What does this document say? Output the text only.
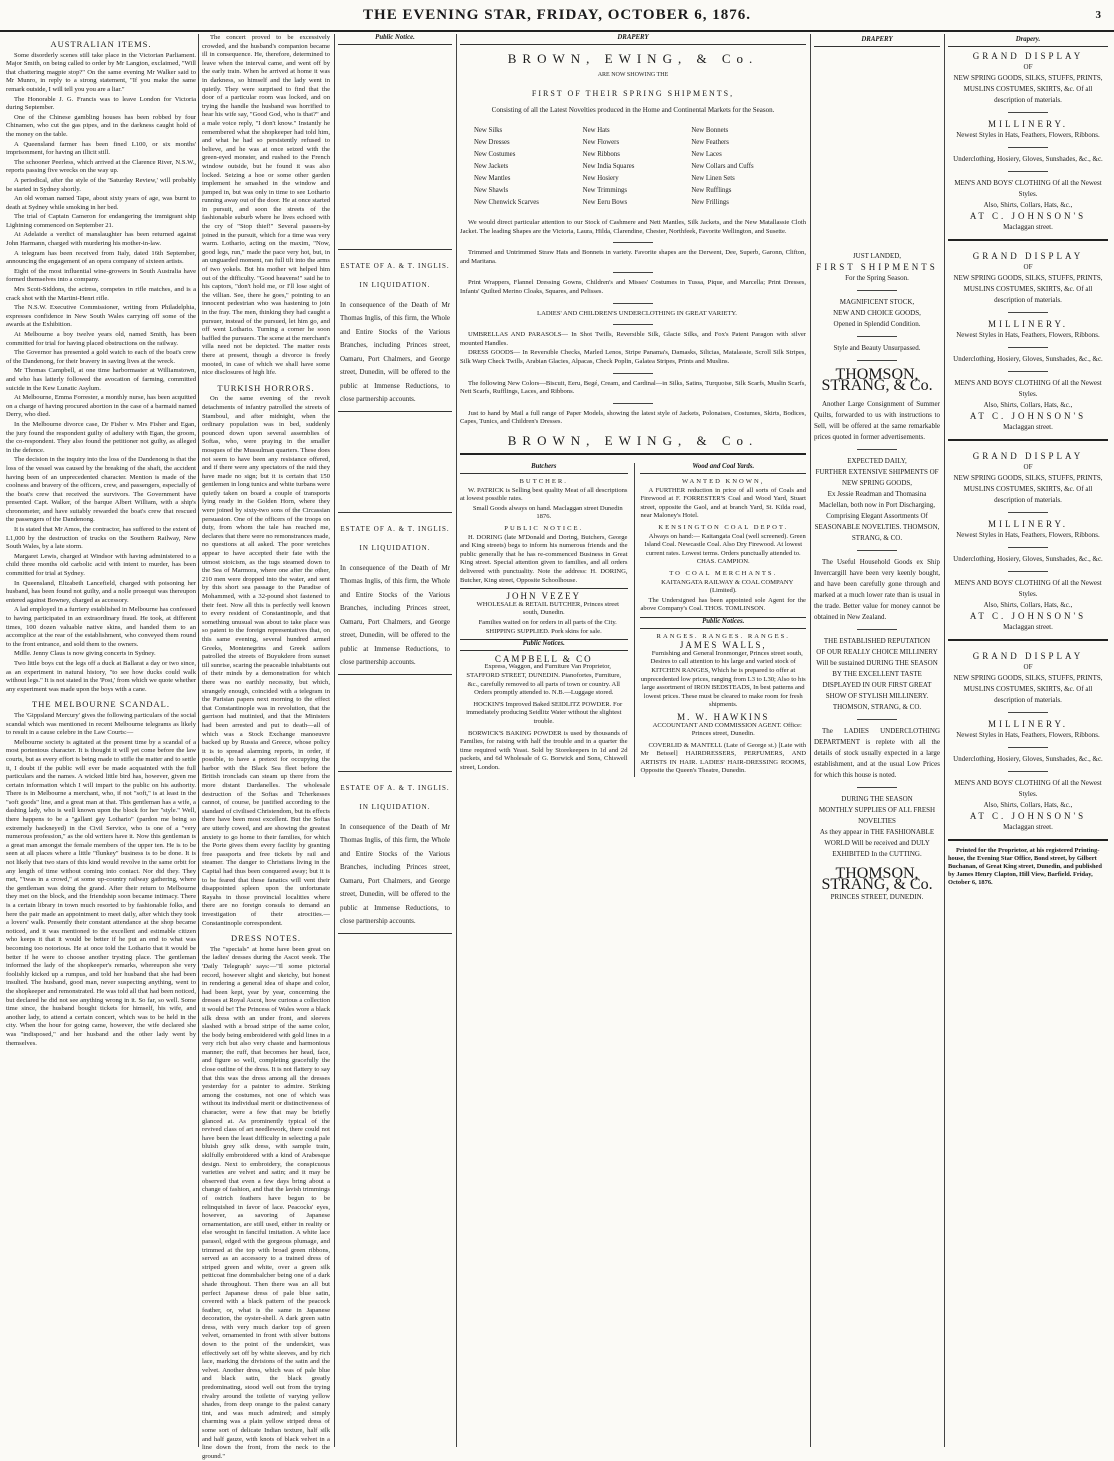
THE EVENING STAR, FRIDAY, OCTOBER 6, 1876.	3
AUSTRALIAN ITEMS.

Some disorderly scenes still take place in the Victorian Parliament. Major Smith, on being called to order by Mr Langton, exclaimed, "Will that chattering magpie stop?" On the same evening Mr Walker said to Mr Munro, in reply to a strong statement, "If you make the same remark outside, I will tell you you are a liar."

The Honorable J. G. Francis was to leave London for Victoria during September.

One of the Chinese gambling houses has been robbed by four Chinamen, who cut the gas pipes, and in the darkness caught hold of the money on the table.

A Queensland farmer has been fined L100, or six months' imprisonment, for having an illicit still.

The schooner Peerless, which arrived at the Clarence River, N.S.W., reports passing five wrecks on the way up.

A periodical, after the style of the 'Saturday Review,' will probably be started in Sydney shortly.

An old woman named Tape, about sixty years of age, was burnt to death at Sydney while smoking in her bed.

The trial of Captain Cameron for endangering the immigrant ship Lightning commenced on September 21.

At Adelaide a verdict of manslaughter has been returned against John Harmann, charged with murdering his mother-in-law.

A telegram has been received from Italy, dated 16th September, announcing the engagement of an opera company of sixteen artists.

Eight of the most influential wine-growers in South Australia have formed themselves into a company.

Mrs Scott-Siddons, the actress, competes in rifle matches, and is a crack shot with the Martini-Henri rifle.

The N.S.W. Executive Commissioner, writing from Philadelphia, expresses confidence in New South Wales carrying off some of the awards at the Exhibition.

At Melbourne a boy twelve years old, named Smith, has been committed for trial for having placed obstructions on the railway.

The Governor has presented a gold watch to each of the boat's crew of the Dandenong, for their bravery in saving lives at the wreck.

Mr Thomas Campbell, at one time harbormaster at Williamstown, and who has latterly followed the avocation of farming, committed suicide in the Kew Lunatic Asylum.

At Melbourne, Emma Forrester, a monthly nurse, has been acquitted on a charge of having procured abortion in the case of a barmaid named Derry, who died.

In the Melbourne divorce case, Dr Fisher v. Mrs Fisher and Egan, the jury found the respondent guilty of adultery with Egan, the groom, the co-respondent. They also found the petitioner not guilty, as alleged in the defence.

The decision in the inquiry into the loss of the Dandenong is that the loss of the vessel was caused by the breaking of the shaft, the accident having been of an unprecedented character. Mention is made of the coolness and bravery of the officers, crew, and passengers, especially of the boat's crew that received the survivors. The Government have presented Capt. Walker, of the barque Albert William, with a ship's chronometer, and have suitably rewarded the boat's crew that rescued the passengers of the Dandenong.

It is stated that Mr Amos, the contractor, has suffered to the extent of L1,000 by the destruction of trucks on the Southern Railway, New South Wales, by a late storm.

Margaret Lewis, charged at Windsor with having administered to a child three months old carbolic acid with intent to murder, has been committed for trial at Sydney.

In Queensland, Elizabeth Lancefield, charged with poisoning her husband, has been found not guilty, and a nolle prosequi was thereupon entered against Bowney, charged as accessory.

A lad employed in a furriery established in Melbourne has confessed to having participated in an extraordinary fraud. He took, at different times, 100 dozen valuable native skins, and handed them to an accomplice at the rear of the establishment, who conveyed them round to the front entrance, and sold them to the owners.

Mdlle. Jenny Claus is now giving concerts in Sydney.

Two little boys cut the legs off a duck at Ballarat a day or two since, as an experiment in natural history, "to see how ducks could walk without legs." It is not stated in the 'Post,' from which we quote whether any experiment was made upon the boys with a cane.

THE MELBOURNE SCANDAL.

The 'Gippsland Mercury' gives the following particulars of the social scandal which was mentioned in recent Melbourne telegrams as likely to result in a cause celebre in the Law Courts:—

Melbourne society is agitated at the present time by a scandal of a most portentous character. It is thought it will yet come before the law courts, but as every effort is being made to stifle the matter and to settle it, I doubt if the public will ever be made acquainted with the full particulars and the names. A wicked little bird has, however, given me certain information which I will impart to the public on his authority. There is in Melbourne a merchant, who, if not "soft," is at least in the "soft goods" line, and a great man at that. This gentleman has a wife, a dashing lady, who is well known upon the block for her "style." Well, there happens to be a "gallant gay Lothario" (pardon me being so extremely hackneyed) in the Civil Service, who is one of a "very numerous profession," as the old writers have it. Now this gentleman is a great man amongst the female members of the upper ten. He is to be seen at all places where a little "flunkey" business is to be done. It is not likely that two stars of this kind would revolve in the same orbit for any length of time without coming into contact. Nor did they. They met, "'twas in a crowd," at some up-country railway gathering, where the gentleman was doing the grand. After their return to Melbourne they met on the block, and the friendship soon became intimacy. There is a certain library in town much resorted to by fashionable folks, and here the pair made an appointment to meet daily, after which they took a lovers' walk. Presently their constant attendance at the shop became noticed, and it was mentioned to the excellent and estimable citizen who keeps it that it would be better if he put an end to what was becoming too notorious. He at once told the Lothario that it would be better if he were to choose another trysting place. The gentleman informed the lady of the shopkeeper's remarks, whereupon she very foolishly kicked up a rumpus, and told her husband that she had been insulted. The husband, good man, never suspecting anything, went to the shopkeeper and remonstrated. He was told all that had been noticed, but declared he did not see anything wrong in it. So far, so well. Some time since, the husband bought tickets for himself, his wife, and another lady, to attend a certain concert, which was to be held in the city. When the hour for going came, however, the wife declared she was "indisposed," and her husband and the other lady went by themselves.

The concert proved to be excessively crowded, and the husband's companion became ill in consequence. He, therefore, determined to leave when the interval came, and went off by the early train. When he arrived at home it was in darkness, so himself and the lady went in quietly. They were surprised to find that the door of a particular room was locked, and on trying the handle the husband was horrified to hear his wife say, "Good God, who is that?" and a male voice reply, "I don't know." Instantly he remembered what the shopkeeper had told him, and what he had so persistently refused to believe, and he was at once seized with the green-eyed monster, and rushed to the French window outside, but he found it was also locked. Seizing a hoe or some other garden implement he smashed in the window and jumped in, but was only in time to see Lothario running away out of the door. He at once started in pursuit, and soon the streets of the fashionable suburb where he lives echoed with the cry of "Stop thief!" Several passers-by joined in the pursuit, which for a time was very warm. Lothario, acting on the maxim, "Now, good legs, run," made the pace very hot, but, in an unguarded moment, ran full tilt into the arms of two yokels. But his mother wit helped him out of the difficulty. "Good heavens!" said he to his captors, "don't hold me, or I'll lose sight of the villian. See, there he goes," pointing to an innocent pedestrian who was hastening to join in the fray. The men, thinking they had caught a pursuer, instead of the pursued, let him go, and off went Lothario. Turning a corner he soon baffled the pursuers. The scene at the merchant's villa need not be depicted. The matter rests there at present, though a divorce is freely mooted, in case of which we shall have some nice disclosures of high life.

TURKISH HORRORS.

On the same evening of the revolt detachments of infantry patrolled the streets of Stamboul, and after midnight, when the ordinary population was in bed, suddenly pounced down upon several assemblies of Softas, who, were praying in the smaller mosques of the Mussulman quarters. These does not seem to have been any resistance offered, and if there were any spectators of the raid they have made no sign; but it is certain that 150 gentlemen in long tunics and white turbans were quietly taken on board a couple of transports lying ready in the Golden Horn, where they were joined by sixty-two sons of the Circassian persuasion. One of the officers of the troops on duty, from whom the tale has reached me, declares that there were no remonstrances made, no questions at all asked. The poor wretches appear to have accepted their fate with the utmost stoicism, as the tugs steamed down to the Sea of Marmora, where one after the other, 210 men were dropped into the water, and sent by this short sea passage to the Paradise of Mohammed, with a 32-pound shot fastened to their feet. Now all this is perfectly well known to every resident of Constantinople, and that something unusual was about to take place was so patent to the foreign representatives that, on this same evening, several hundred armed Greeks, Montenegrins and Greek sailors patrolled the streets of Buyukdere from sunset till sunrise, scaring the peaceable inhabitants out of their minds by a demonstration for which there was no earthly necessity, but which, strangely enough, coincided with a telegram in the Parisian papers next morning to the effect that Constantinople was in revolution, that the garrison had mutinied, and that the Ministers had been arrested and put to death—all of which was a Stock Exchange manoeuvre backed up by Russia and Greece, whose policy it is to spread alarming reports, in order, if possible, to have a pretext for occupying the harbor with the Black Sea fleet before the British ironclads can steam up there from the more distant Dardanelles. The wholesale destruction of the Softas and Tcherkesses cannot, of course, be justified according to the standard of civilised Christendom, but its effects there have been most excellent. But the Softas are utterly cowed, and are showing the greatest anxiety to go home to their families, for which the Porte gives them every facility by granting free passports and free tickets by rail and steamer. The danger to Christians living in the Capital had thus been conquered away; but it is to be feared that these fanatics will vent their disappointed spleen upon the unfortunate Rayahs in those provincial localities where there are no foreign consuls to demand an investigation of their atrocities.—Constantinople correspondent.

DRESS NOTES.

The "specials" at home have been great on the ladies' dresses during the Ascot week. The 'Daily Telegraph' says:—"Il some pictorial record, however slight and sketchy, but honest in rendering a general idea of shape and color, had been kept, year by year, concerning the dresses at Royal Ascot, how curious a collection it would be! The Princess of Wales wore a black silk dress with an under front, and sleeves slashed with a broad stripe of the same color, the body being embroidered with gold lines in a very rich but also very chaste and harmonious manner; the ruff, that becomes her head, face, and figure so well, completing gracefully the close outline of the dress. It is not flattery to say that this was the dress among all the dresses yesterday for a painter to admire. Striking among the costumes, not one of which was without its individual merit or distinctiveness of character, were a few that may be briefly glanced at. As prominently typical of the revived class of art needlework, there could not have been the least difficulty in selecting a pale bluish grey silk dress, with sample train, skilfully embroidered with a kind of Arabesque design. Next to embroidery, the conspicuous varieties are velvet and satin; and it may be observed that even a few days bring about a change of fashion, and that the lavish trimmings of ostrich feathers have begun to be relinquished in favor of lace. Peacocks' eyes, however, as savoring of Japanese ornamentation, are still used, either in reality or else wrought in fanciful imitation. A white lace parasol, edged with the gorgeous plumage, and trimmed at the top with broad green ribbons, served as an accessory to a trained dress of striped green and white, over a green silk petticoat fine dommbalcher being one of a dark shade throughout. Then there was an all but perfect Japanese dress of pale blue satin, covered with a black pattern of the peacock feather, or, what is the same in Japanese decoration, the oyster-shell. A dark green satin dress, with very much darker top of green velvet, ornamented in front with silver buttons down to the point of the underskirt, was effectively set off by white sleeves, and by rich lace, marking the divisions of the satin and the velvet. Another dress, which was of pale blue and black satin, the black greatly predominating, stood well out from the trying rivalry around the toilette of varying yellow shades, from deep orange to the palest canary tint, and was much admired; and simply charming was a plain yellow striped dress of some sort of delicate Indian texture, half silk and half gauze, with knots of black velvet in a line down the front, from the neck to the ground."

Public Notice.
ESTATE OF A. & T. INGLIS.
IN LIQUIDATION.
In consequence of the Death of Mr Thomas Inglis, of this firm, the Whole and Entire Stocks of the Various Branches, including Princes street, Oamaru, Port Chalmers, and George street, Dunedin, will be offered to the public at Immense Reductions, to close partnership accounts.
ESTATE OF A. & T. INGLIS.
IN LIQUIDATION.
In consequence of the Death of Mr Thomas Inglis, of this firm, the Whole and Entire Stocks of the Various Branches, including Princes street, Oamaru, Port Chalmers, and George street, Dunedin, will be offered to the public at Immense Reductions, to close partnership accounts.
ESTATE OF A. & T. INGLIS.
IN LIQUIDATION.
In consequence of the Death of Mr Thomas Inglis, of this firm, the Whole and Entire Stocks of the Various Branches, including Princes street, Oamaru, Port Chalmers, and George street, Dunedin, will be offered to the public at Immense Reductions, to close partnership accounts.
DRAPERY
BROWN, EWING, & Co.
ARE NOW SHOWING THE
FIRST OF THEIR SPRING SHIPMENTS,
Consisting of all the Latest Novelties produced in the Home and Continental Markets for the Season.
New Silks	New Hats	New Bonnets
New Dresses	New Flowers	New Feathers
New Costumes	New Ribbons	New Laces
New Jackets	New India Squares	New Collars and Cuffs
New Mantles	New Hosiery	New Linen Sets
New Shawls	New Trimmings	New Rufflings
New Chenwick Scarves	New Eeru Bows	New Frillings

We would direct particular attention to our Stock of Cashmere and Nett Mantles, Silk Jackets, and the New Matallassie Cloth Jacket. The leading Shapes are the Victoria, Laura, Hilda, Clarendine, Chester, Northfeek, Favorite Wellington, and Susette.

Trimmed and Untrimmed Straw Hats and Bonnets in variety. Favorite shapes are the Derwent, Dee, Superb, Garonn, Clifton, and Maritana.

Print Wrappers, Flannel Dressing Gowns, Children's and Misses' Costumes in Tussa, Pique, and Marcella; Print Dresses, Infants' Quilted Merino Cloaks, Squares, and Pelisses.

LADIES' AND CHILDREN'S UNDERCLOTHING IN GREAT VARIETY.

UMBRELLAS AND PARASOLS— In Shot Twills, Reversible Silk, Glacie Silks, and Fox's Patent Paragon with silver mounted Handles.

DRESS GOODS— In Reversible Checks, Marled Lenos, Stripe Panama's, Damasks, Silicias, Matalassie, Scroll Silk Stripes, Silk Warp Check Twills, Arabian Glacies, Alpacas, Check Poplin, Galatea Stripes, Prints and Muslins.

The following New Colors—Biscuit, Eeru, Begé, Cream, and Cardinal—in Silks, Satins, Turquoise, Silk Scarfs, Muslin Scarfs, Nett Scarfs, Rufflings, Laces, and Ribbons.

Just to hand by Mail a full range of Paper Models, showing the latest style of Jackets, Polonaises, Costumes, Skirts, Bodices, Capes, Tunics, and Children's Dresses.

BROWN, EWING, & Co.
Butchers
BUTCHER.

W. PATRICK is Selling best quality Meat of all descriptions at lowest possible rates.

Small Goods always on hand. Maclaggan street Dunedin 1876.

PUBLIC NOTICE.

H. DORING (late M'Donald and Doring, Butchers, George and King streets) begs to inform his numerous friends and the public generally that he has re-commenced Business in Great King street. Special attention given to families, and all orders delivered with punctuality. Note the address: H. DORING, Butcher, King street, Opposite Schoolhouse.

JOHN VEZEY

WHOLESALE & RETAIL BUTCHER, Princes street south, Dunedin.

Families waited on for orders in all parts of the City. SHIPPING SUPPLIED. Pork skins for sale.

Public Notices.
CAMPBELL & CO

Express, Waggon, and Furniture Van Proprietor, STAFFORD STREET, DUNEDIN. Pianofortes, Furniture, &c., carefully removed to all parts of town or country. All Orders promptly attended to. N.B.—Luggage stored.

HOCKIN'S Improved Baked SEIDLITZ POWDER. For immediately producing Seidlitz Water without the slightest trouble.

BORWICK'S BAKING POWDER is used by thousands of Families, for raising with half the trouble and in a quarter the time required with Yeast. Sold by Storekeepers in 1d and 2d packets, and 6d Wholesale of G. Borwick and Sons, Chiswell street, London.

Wood and Coal Yards.
WANTED KNOWN,

A FURTHER reduction in price of all sorts of Coals and Firewood at F. FORRESTER'S Coal and Wood Yard, Stuart street, opposite the Gaol, and at branch Yard, St. Kilda road, near Maloney's Hotel.

KENSINGTON COAL DEPOT.

Always on hand:— Kaitangata Coal (well screened). Green Island Coal. Newcastle Coal. Also Dry Firewood. At lowest current rates. Lowest terms. Orders punctually attended to. CHAS. CAMPION.

TO COAL MERCHANTS.

KAITANGATA RAILWAY & COAL COMPANY (Limited).

The Undersigned has been appointed sole Agent for the above Company's Coal. THOS. TOMLINSON.

Public Notices.
RANGES. RANGES. RANGES.
JAMES WALLS,

Furnishing and General Ironmonger, Princes street south, Desires to call attention to his large and varied stock of KITCHEN RANGES, Which he is prepared to offer at unprecedented low prices, ranging from L3 to L30; Also to his large assortment of IRON BEDSTEADS, In best patterns and lowest prices. These must be cleared to make room for fresh shipments.

M. W. HAWKINS

ACCOUNTANT AND COMMISSION AGENT. Office: Princes street, Dunedin.

COVERLID & MANTELL (Late of George st.) [Late with Mr Beissel] HAIRDRESSERS, PERFUMERS, AND ARTISTS IN HAIR. LADIES' HAIR-DRESSING ROOMS, Opposite the Queen's Theatre, Dunedin.

DRAPERY
JUST LANDED,
FIRST SHIPMENTS
For the Spring Season.
MAGNIFICENT STOCK,
NEW AND CHOICE GOODS,
Opened in Splendid Condition.
Style and Beauty Unsurpassed.
THOMSON, STRANG, & Co.

Another Large Consignment of Summer Quilts, forwarded to us with instructions to Sell, will be offered at the same remarkable prices quoted in former advertisements.

EXPECTED DAILY,
FURTHER EXTENSIVE SHIPMENTS OF NEW SPRING GOODS,
Ex Jessie Readman and Thomasina Maclellan, both now in Port Discharging, Comprising Elegant Assortments Of SEASONABLE NOVELTIES. THOMSON, STRANG, & CO.

The Useful Household Goods ex Ship Invercargill have been very keenly bought, and have been carefully gone through and marked at a much lower rate than is usual in the trade. Better value for money cannot be obtained in New Zealand.

THE ESTABLISHED REPUTATION
OF OUR REALLY CHOICE MILLINERY
Will be sustained DURING THE SEASON BY THE EXCELLENT TASTE DISPLAYED IN OUR FIRST GREAT SHOW OF STYLISH MILLINERY. THOMSON, STRANG, & CO.

The LADIES UNDERCLOTHING DEPARTMENT is replete with all the details of stock usually expected in a large establishment, and at the usual Low Prices for which this house is noted.

DURING THE SEASON
MONTHLY SUPPLIES OF ALL FRESH NOVELTIES
As they appear in THE FASHIONABLE WORLD Will be received and DULY EXHIBITED In the CUTTING.
THOMSON, STRANG, & Co.
PRINCES STREET, DUNEDIN.
Drapery.
GRAND DISPLAY
OF
NEW SPRING GOODS, SILKS, STUFFS, PRINTS, MUSLINS COSTUMES, SKIRTS, &c. Of all description of materials.
MILLINERY.
Newest Styles in Hats, Feathers, Flowers, Ribbons.
Underclothing, Hosiery, Gloves, Sunshades, &c., &c.
MEN'S AND BOYS' CLOTHING Of all the Newest Styles.
Also, Shirts, Collars, Hats, &c.,
AT C. JOHNSON'S
Maclaggan street.
GRAND DISPLAY
OF
NEW SPRING GOODS, SILKS, STUFFS, PRINTS, MUSLINS COSTUMES, SKIRTS, &c. Of all description of materials.
MILLINERY.
Newest Styles in Hats, Feathers, Flowers, Ribbons.
Underclothing, Hosiery, Gloves, Sunshades, &c., &c.
MEN'S AND BOYS' CLOTHING Of all the Newest Styles.
Also, Shirts, Collars, Hats, &c.,
AT C. JOHNSON'S
Maclaggan street.
GRAND DISPLAY
OF
NEW SPRING GOODS, SILKS, STUFFS, PRINTS, MUSLINS COSTUMES, SKIRTS, &c. Of all description of materials.
MILLINERY.
Newest Styles in Hats, Feathers, Flowers, Ribbons.
Underclothing, Hosiery, Gloves, Sunshades, &c., &c.
MEN'S AND BOYS' CLOTHING Of all the Newest Styles.
Also, Shirts, Collars, Hats, &c.,
AT C. JOHNSON'S
Maclaggan street.
GRAND DISPLAY
OF
NEW SPRING GOODS, SILKS, STUFFS, PRINTS, MUSLINS COSTUMES, SKIRTS, &c. Of all description of materials.
MILLINERY.
Newest Styles in Hats, Feathers, Flowers, Ribbons.
Underclothing, Hosiery, Gloves, Sunshades, &c., &c.
MEN'S AND BOYS' CLOTHING Of all the Newest Styles.
Also, Shirts, Collars, Hats, &c.,
AT C. JOHNSON'S
Maclaggan street.

Printed for the Proprietor, at his registered Printing-house, the Evening Star Office, Bond street, by Gilbert Buchanan, of Great King street, Dunedin, and published by James Henry Clapton, Hill View, Barfield. Friday, October 6, 1876.
